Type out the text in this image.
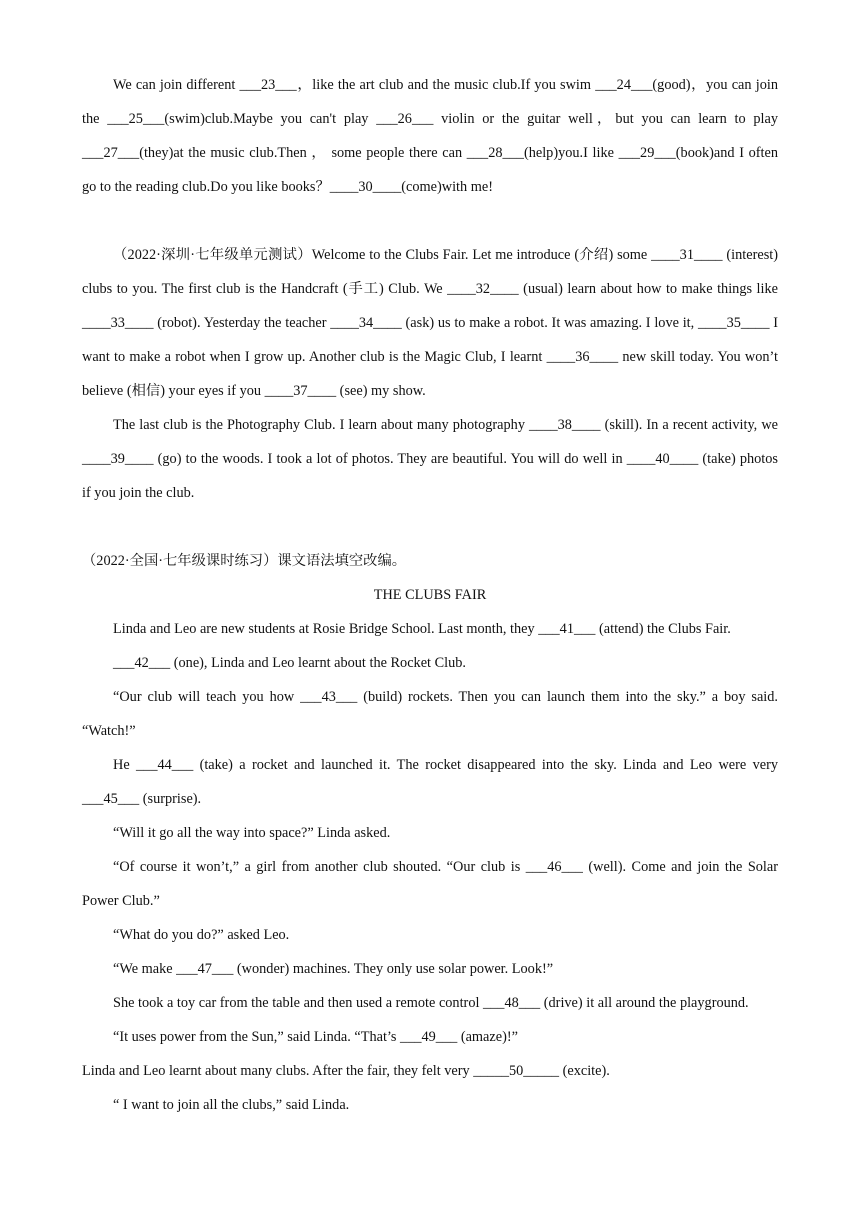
We can join different ___23___，like the art club and the music club.If you swim ___24___(good)，you can join the ___25___(swim)club.Maybe you can't play ___26___ violin or the guitar well，but you can learn to play ___27___(they)at the music club.Then ， some people there can ___28___(help)you.I like ___29___(book)and I often go to the reading club.Do you like books？____30____(come)with me!

（2022·深圳·七年级单元测试）Welcome to the Clubs Fair. Let me introduce (介绍) some ____31____ (interest) clubs to you. The first club is the Handcraft (手工) Club. We ____32____ (usual) learn about how to make things like ____33____ (robot). Yesterday the teacher ____34____ (ask) us to make a robot. It was amazing. I love it, ____35____ I want to make a robot when I grow up. Another club is the Magic Club, I learnt ____36____ new skill today. You won’t believe (相信) your eyes if you ____37____ (see) my show.

The last club is the Photography Club. I learn about many photography ____38____ (skill). In a recent activity, we ____39____ (go) to the woods. I took a lot of photos. They are beautiful. You will do well in ____40____ (take) photos if you join the club.

（2022·全国·七年级课时练习）课文语法填空改编。

THE CLUBS FAIR

Linda and Leo are new students at Rosie Bridge School. Last month, they ___41___ (attend) the Clubs Fair.

___42___ (one), Linda and Leo learnt about the Rocket Club.

“Our club will teach you how ___43___ (build) rockets. Then you can launch them into the sky.” a boy said. “Watch!”

He ___44___ (take) a rocket and launched it. The rocket disappeared into the sky. Linda and Leo were very ___45___ (surprise).

“Will it go all the way into space?” Linda asked.

“Of course it won’t,” a girl from another club shouted. “Our club is ___46___ (well). Come and join the Solar Power Club.”

“What do you do?” asked Leo.

“We make ___47___ (wonder) machines. They only use solar power. Look!”

She took a toy car from the table and then used a remote control ___48___ (drive) it all around the playground.

“It uses power from the Sun,” said Linda. “That’s ___49___ (amaze)!”

Linda and Leo learnt about many clubs. After the fair, they felt very _____50_____ (excite).

“ I want to join all the clubs,” said Linda.
